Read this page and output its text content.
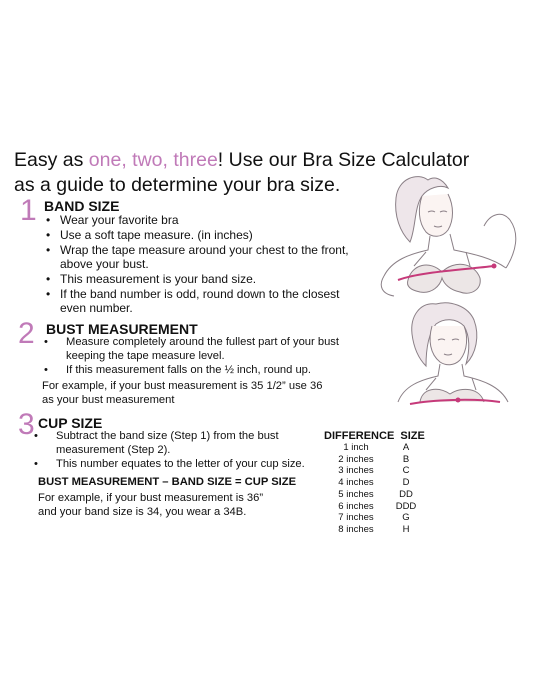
Easy as one, two, three! Use our Bra Size Calculator as a guide to determine your bra size.
1 BAND SIZE
• Wear your favorite bra
• Use a soft tape measure. (in inches)
• Wrap the tape measure around your chest to the front, above your bust.
• This measurement is your band size.
• If the band number is odd, round down to the closest even number.
2 BUST MEASUREMENT
• Measure completely around the fullest part of your bust keeping the tape measure level.
• If this measurement falls on the ½ inch, round up.
For example, if your bust measurement is 35 1/2” use 36 as your bust measurement
3 CUP SIZE
• Subtract the band size (Step 1) from the bust measurement (Step 2).
• This number equates to the letter of your cup size.
BUST MEASUREMENT – BAND SIZE = CUP SIZE
For example, if your bust measurement is 36” and your band size is 34, you wear a 34B.
DIFFERENCE SIZE
1 inch	A
2 inches	B
3 inches	C
4 inches	D
5 inches	DD
6 inches	DDD
7 inches	G
8 inches	H
